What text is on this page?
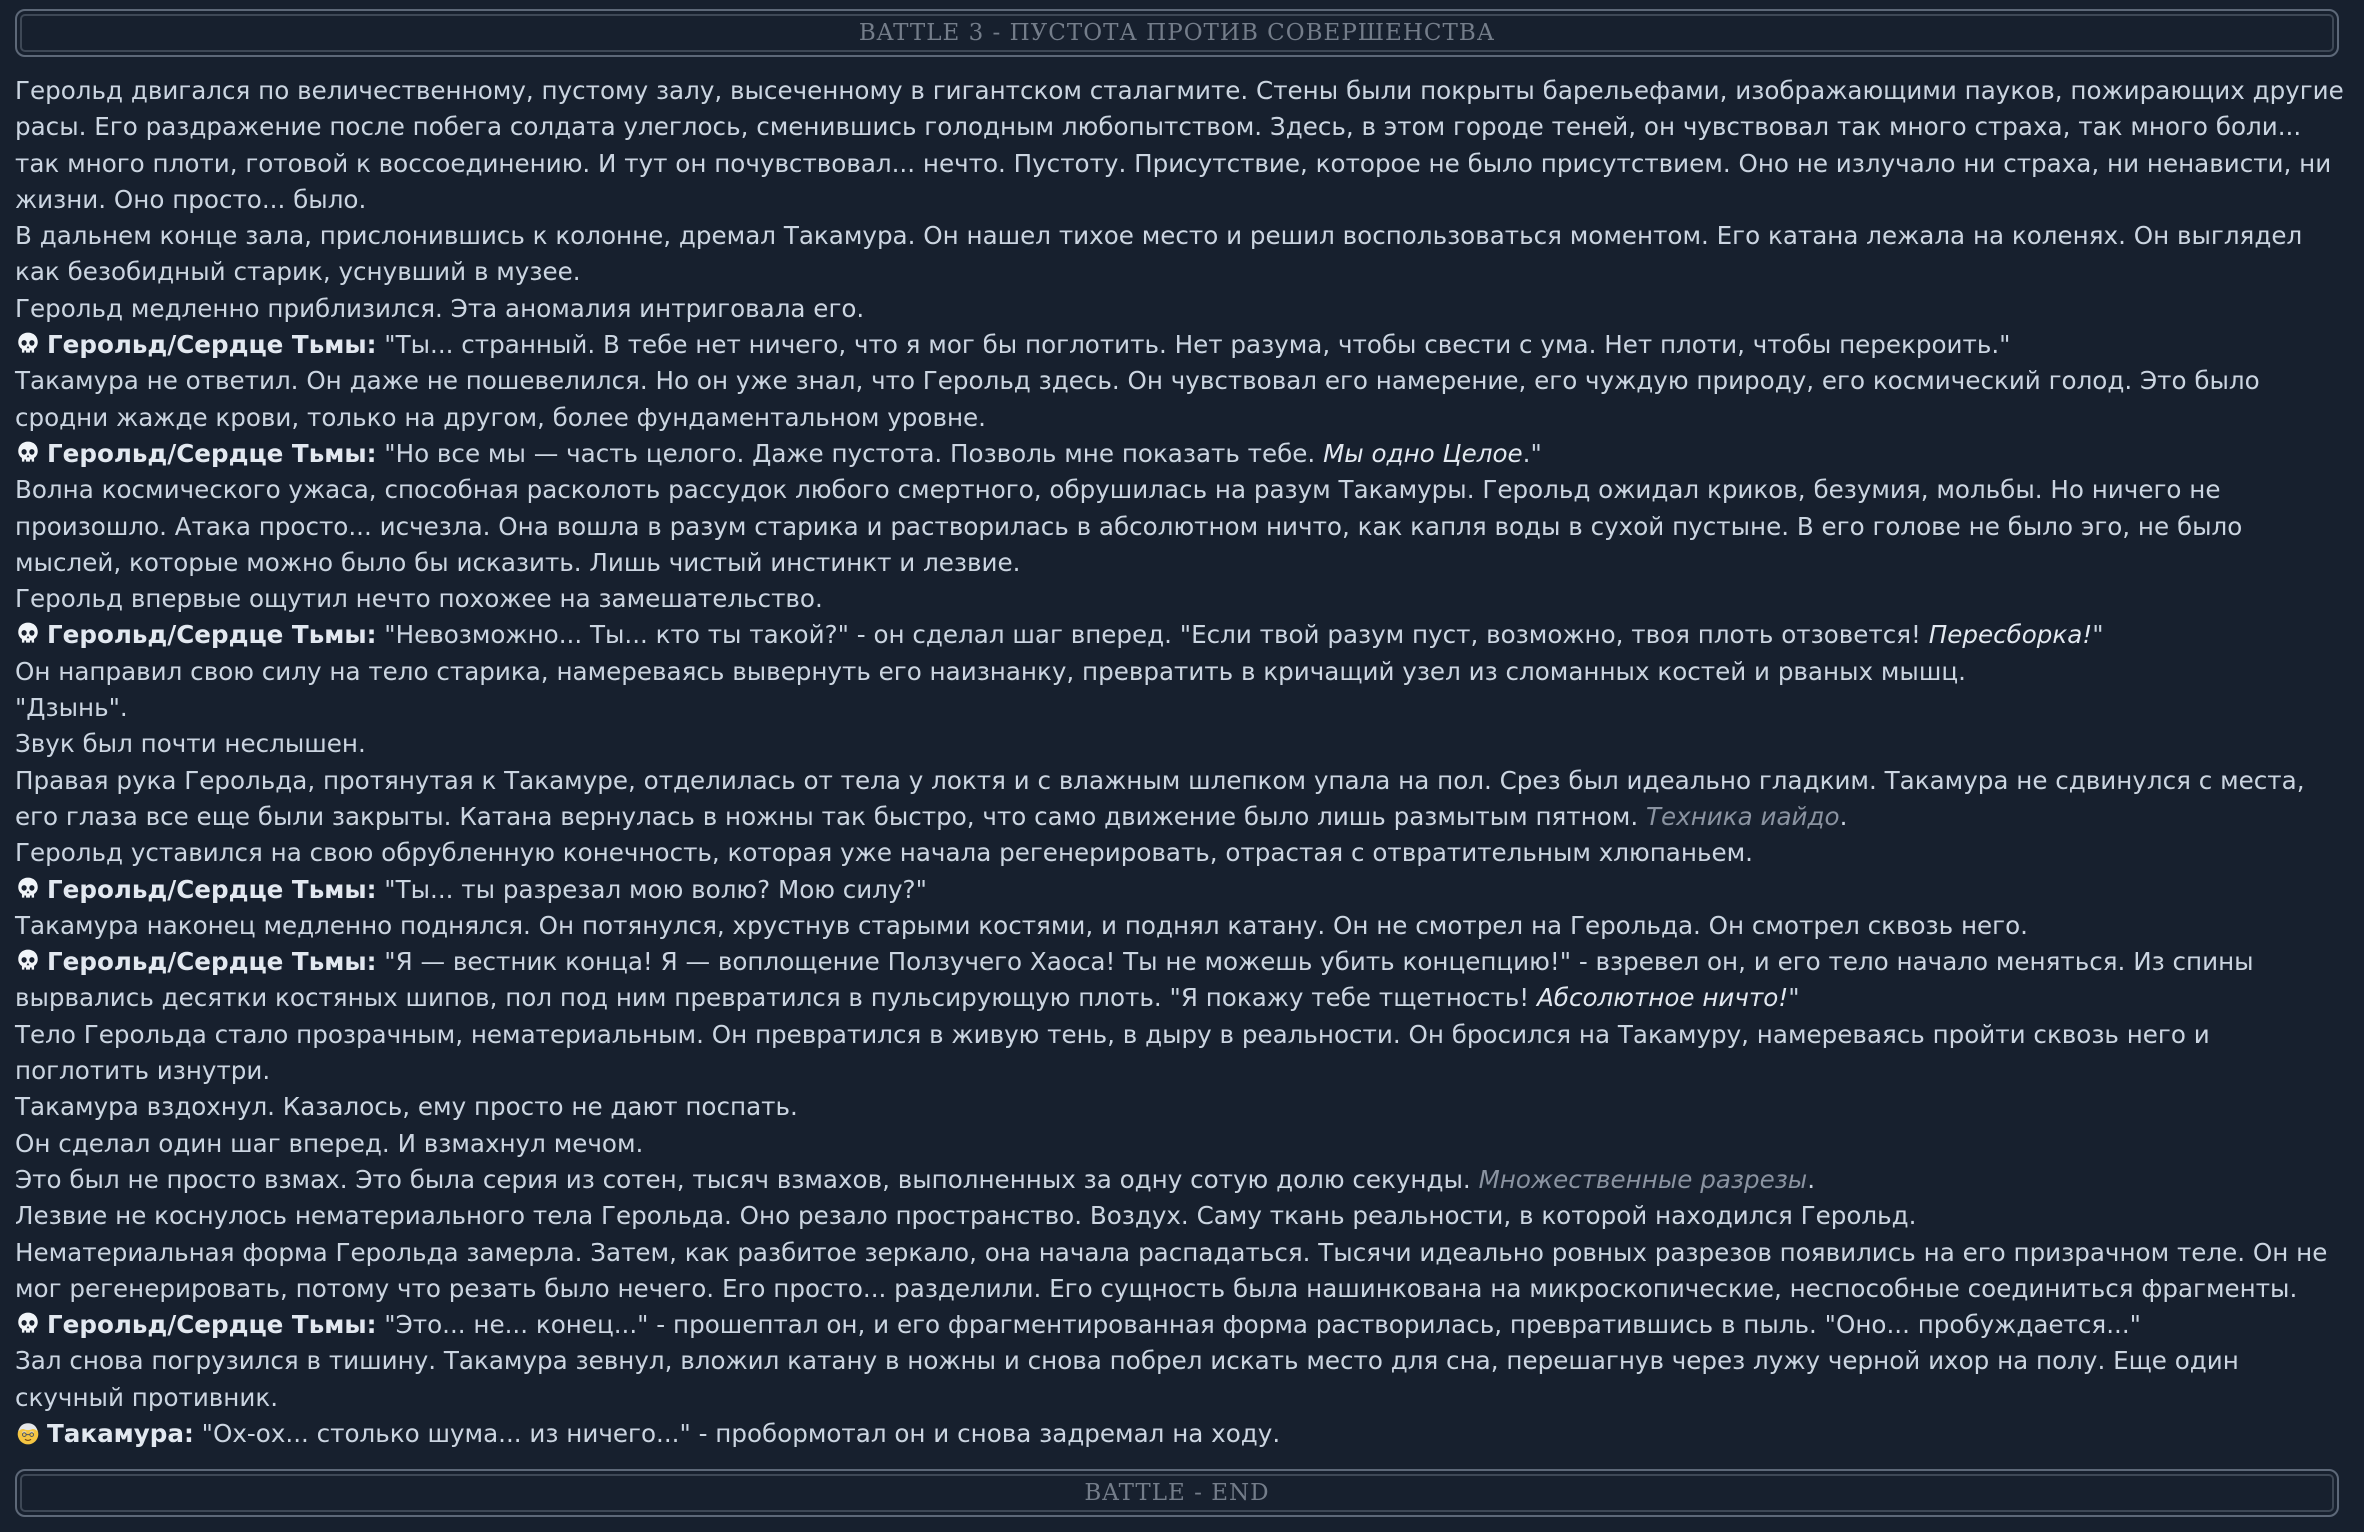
BATTLE 3 - ПУСТОТА ПРОТИВ СОВЕРШЕНСТВА

Герольд двигался по величественному, пустому залу, высеченному в гигантском сталагмите. Стены были покрыты барельефами, изображающими пауков, пожирающих другие расы. Его раздражение после побега солдата улеглось, сменившись голодным любопытством. Здесь, в этом городе теней, он чувствовал так много страха, так много боли... так много плоти, готовой к воссоединению. И тут он почувствовал... нечто. Пустоту. Присутствие, которое не было присутствием. Оно не излучало ни страха, ни ненависти, ни жизни. Оно просто... было.

В дальнем конце зала, прислонившись к колонне, дремал Такамура. Он нашел тихое место и решил воспользоваться моментом. Его катана лежала на коленях. Он выглядел как безобидный старик, уснувший в музее.

Герольд медленно приблизился. Эта аномалия интриговала его.

Герольд/Сердце Тьмы: "Ты... странный. В тебе нет ничего, что я мог бы поглотить. Нет разума, чтобы свести с ума. Нет плоти, чтобы перекроить."

Такамура не ответил. Он даже не пошевелился. Но он уже знал, что Герольд здесь. Он чувствовал его намерение, его чуждую природу, его космический голод. Это было сродни жажде крови, только на другом, более фундаментальном уровне.

Герольд/Сердце Тьмы: "Но все мы — часть целого. Даже пустота. Позволь мне показать тебе. Мы одно Целое."

Волна космического ужаса, способная расколоть рассудок любого смертного, обрушилась на разум Такамуры. Герольд ожидал криков, безумия, мольбы. Но ничего не произошло. Атака просто... исчезла. Она вошла в разум старика и растворилась в абсолютном ничто, как капля воды в сухой пустыне. В его голове не было эго, не было мыслей, которые можно было бы исказить. Лишь чистый инстинкт и лезвие.

Герольд впервые ощутил нечто похожее на замешательство.

Герольд/Сердце Тьмы: "Невозможно... Ты... кто ты такой?" - он сделал шаг вперед. "Если твой разум пуст, возможно, твоя плоть отзовется! Пересборка!"

Он направил свою силу на тело старика, намереваясь вывернуть его наизнанку, превратить в кричащий узел из сломанных костей и рваных мышц.

"Дзынь".

Звук был почти неслышен.

Правая рука Герольда, протянутая к Такамуре, отделилась от тела у локтя и с влажным шлепком упала на пол. Срез был идеально гладким. Такамура не сдвинулся с места, его глаза все еще были закрыты. Катана вернулась в ножны так быстро, что само движение было лишь размытым пятном. Техника иайдо.

Герольд уставился на свою обрубленную конечность, которая уже начала регенерировать, отрастая с отвратительным хлюпаньем.

Герольд/Сердце Тьмы: "Ты... ты разрезал мою волю? Мою силу?"

Такамура наконец медленно поднялся. Он потянулся, хрустнув старыми костями, и поднял катану. Он не смотрел на Герольда. Он смотрел сквозь него.

Герольд/Сердце Тьмы: "Я — вестник конца! Я — воплощение Ползучего Хаоса! Ты не можешь убить концепцию!" - взревел он, и его тело начало меняться. Из спины вырвались десятки костяных шипов, пол под ним превратился в пульсирующую плоть. "Я покажу тебе тщетность! Абсолютное ничто!"

Тело Герольда стало прозрачным, нематериальным. Он превратился в живую тень, в дыру в реальности. Он бросился на Такамуру, намереваясь пройти сквозь него и поглотить изнутри.

Такамура вздохнул. Казалось, ему просто не дают поспать.

Он сделал один шаг вперед. И взмахнул мечом.

Это был не просто взмах. Это была серия из сотен, тысяч взмахов, выполненных за одну сотую долю секунды. Множественные разрезы.

Лезвие не коснулось нематериального тела Герольда. Оно резало пространство. Воздух. Саму ткань реальности, в которой находился Герольд.

Нематериальная форма Герольда замерла. Затем, как разбитое зеркало, она начала распадаться. Тысячи идеально ровных разрезов появились на его призрачном теле. Он не мог регенерировать, потому что резать было нечего. Его просто... разделили. Его сущность была нашинкована на микроскопические, неспособные соединиться фрагменты.

Герольд/Сердце Тьмы: "Это... не... конец..." - прошептал он, и его фрагментированная форма растворилась, превратившись в пыль. "Оно... пробуждается..."

Зал снова погрузился в тишину. Такамура зевнул, вложил катану в ножны и снова побрел искать место для сна, перешагнув через лужу черной ихор на полу. Еще один скучный противник.

Такамура: "Ох-ох... столько шума... из ничего..." - пробормотал он и снова задремал на ходу.

BATTLE - END
